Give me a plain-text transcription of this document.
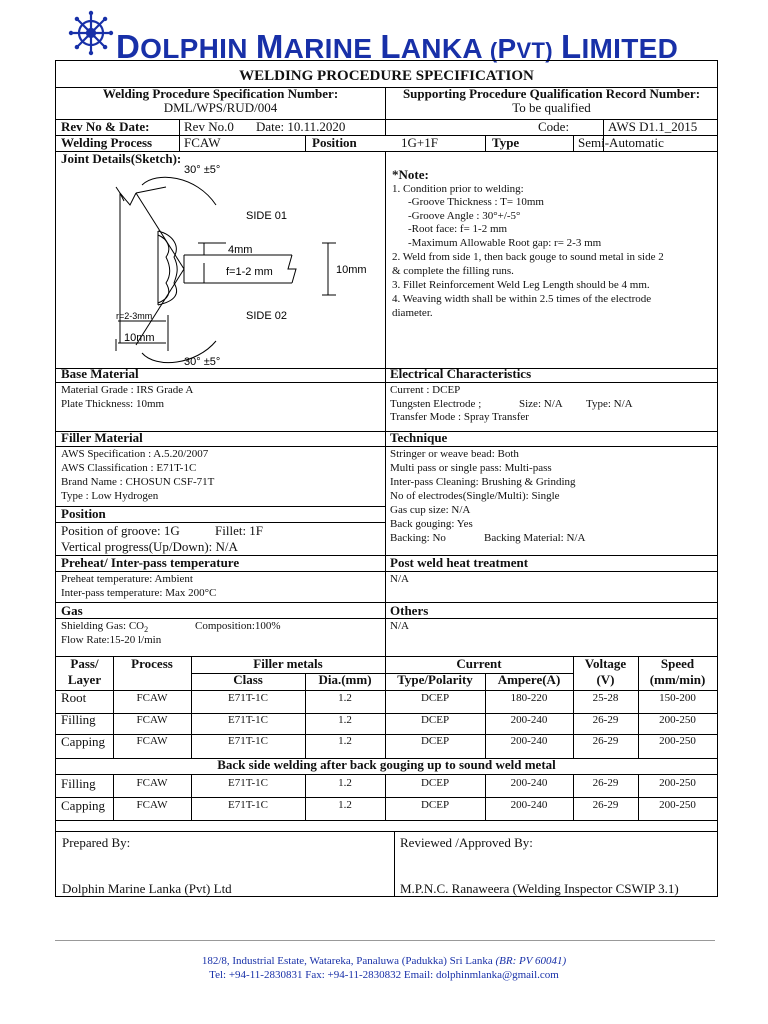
DOLPHIN MARINE LANKA (PVT) LIMITED
WELDING PROCEDURE SPECIFICATION
Welding Procedure Specification Number:
DML/WPS/RUD/004
Supporting Procedure Qualification Record Number:
To be qualified
Rev No & Date:	Rev No.0 Date: 10.11.2020	Code:	AWS D1.1_2015
Welding Process FCAW	Position	1G+1F	Type	Semi-Automatic
Joint Details(Sketch):
30° ±5°
SIDE 01
4mm
f=1-2 mm	10mm
r=2-3mm	SIDE 02
10mm
30° ±5°
*Note:
1. Condition prior to welding:
-Groove Thickness : T= 10mm
-Groove Angle : 30°+/-5°
-Root face: f= 1-2 mm
-Maximum Allowable Root gap: r= 2-3 mm
2. Weld from side 1, then back gouge to sound metal in side 2
& complete the filling runs.
3. Fillet Reinforcement Weld Leg Length should be 4 mm.
4. Weaving width shall be within 2.5 times of the electrode
diameter.
Base Material	Electrical Characteristics
Material Grade : IRS Grade A
Plate Thickness: 10mm
Current : DCEP
Tungsten Electrode ;	Size: N/A Type: N/A
Transfer Mode : Spray Transfer
Filler Material	Technique
AWS Specification : A.5.20/2007
AWS Classification : E71T-1C
Brand Name : CHOSUN CSF-71T
Type : Low Hydrogen
Stringer or weave bead: Both
Multi pass or single pass: Multi-pass
Inter-pass Cleaning: Brushing & Grinding
No of electrodes(Single/Multi): Single
Gas cup size: N/A
Back gouging: Yes
Backing: No	Backing Material: N/A
Position
Position of groove: 1G	Fillet: 1F
Vertical progress(Up/Down): N/A
Preheat/ Inter-pass temperature	Post weld heat treatment
Preheat temperature: Ambient
Inter-pass temperature: Max 200°C
N/A
Gas	Others
Shielding Gas: $CO_2$	Composition:100%
Flow Rate:15-20 l/min
N/A
Pass/
Layer
Process	Filler metals
Class	Dia.(mm)
Current
Type/Polarity	Ampere(A)
Voltage
(V)
Speed
(mm/min)
Root	FCAW	E71T-1C	1.2	DCEP	180-220	25-28	150-200
Filling	FCAW	E71T-1C	1.2	DCEP	200-240	26-29	200-250
Capping	FCAW	E71T-1C	1.2	DCEP	200-240	26-29	200-250
Back side welding after back gouging up to sound weld metal
Filling	FCAW	E71T-1C	1.2	DCEP	200-240	26-29	200-250
Capping	FCAW	E71T-1C	1.2	DCEP	200-240	26-29	200-250
Prepared By:
Dolphin Marine Lanka (Pvt) Ltd
Reviewed /Approved By:
M.P.N.C. Ranaweera (Welding Inspector CSWIP 3.1)
182/8, Industrial Estate, Watareka, Panaluwa (Padukka) Sri Lanka (BR: PV 60041)
Tel: +94-11-2830831 Fax: +94-11-2830832 Email: dolphinmlanka@gmail.com
